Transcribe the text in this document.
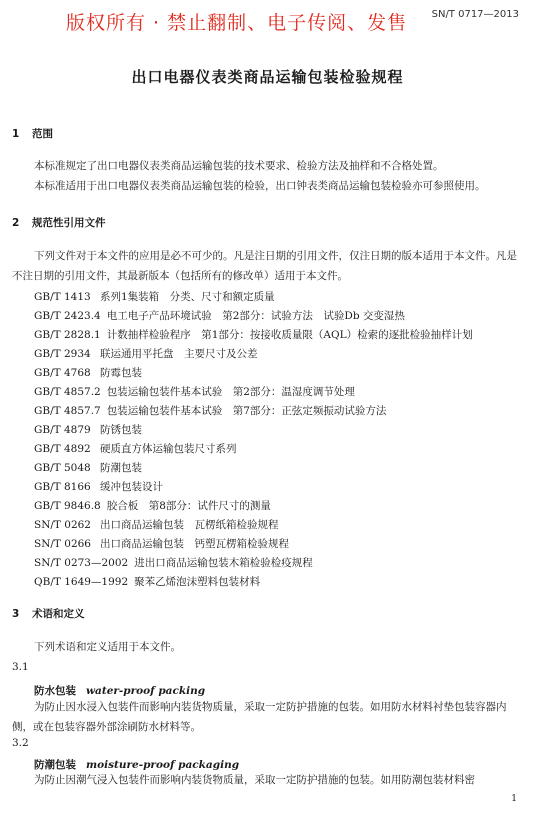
版权所有 · 禁止翻制、电子传阅、发售 SN/T 0717—2013
出口电器仪表类商品运输包装检验规程
1 范围
本标准规定了出口电器仪表类商品运输包装的技术要求、检验方法及抽样和不合格处置。
本标准适用于出口电器仪表类商品运输包装的检验，出口钟表类商品运输包装检验亦可参照使用。
2 规范性引用文件
下列文件对于本文件的应用是必不可少的。凡是注日期的引用文件，仅注日期的版本适用于本文件。凡是不注日期的引用文件，其最新版本（包括所有的修改单）适用于本文件。
GB/T 1413 系列1集装箱　分类、尺寸和额定质量
GB/T 2423.4 电工电子产品环境试验　第2部分：试验方法　试验Db 交变湿热
GB/T 2828.1 计数抽样检验程序　第1部分：按接收质量限（AQL）检索的逐批检验抽样计划
GB/T 2934 联运通用平托盘　主要尺寸及公差
GB/T 4768 防霉包装
GB/T 4857.2 包装运输包装件基本试验　第2部分：温湿度调节处理
GB/T 4857.7 包装运输包装件基本试验　第7部分：正弦定频振动试验方法
GB/T 4879 防锈包装
GB/T 4892 硬质直方体运输包装尺寸系列
GB/T 5048 防潮包装
GB/T 8166 缓冲包装设计
GB/T 9846.8 胶合板　第8部分：试件尺寸的测量
SN/T 0262 出口商品运输包装　瓦楞纸箱检验规程
SN/T 0266 出口商品运输包装　钙塑瓦楞箱检验规程
SN/T 0273—2002 进出口商品运输包装木箱检验检疫规程
QB/T 1649—1992 聚苯乙烯泡沫塑料包装材料
3 术语和定义
下列术语和定义适用于本文件。
3.1
防水包装 water-proof packing
为防止因水浸入包装件而影响内装货物质量，采取一定防护措施的包装。如用防水材料衬垫包装容器内侧，或在包装容器外部涂刷防水材料等。
3.2
防潮包装 moisture-proof packaging
为防止因潮气浸入包装件而影响内装货物质量，采取一定防护措施的包装。如用防潮包装材料密
1
